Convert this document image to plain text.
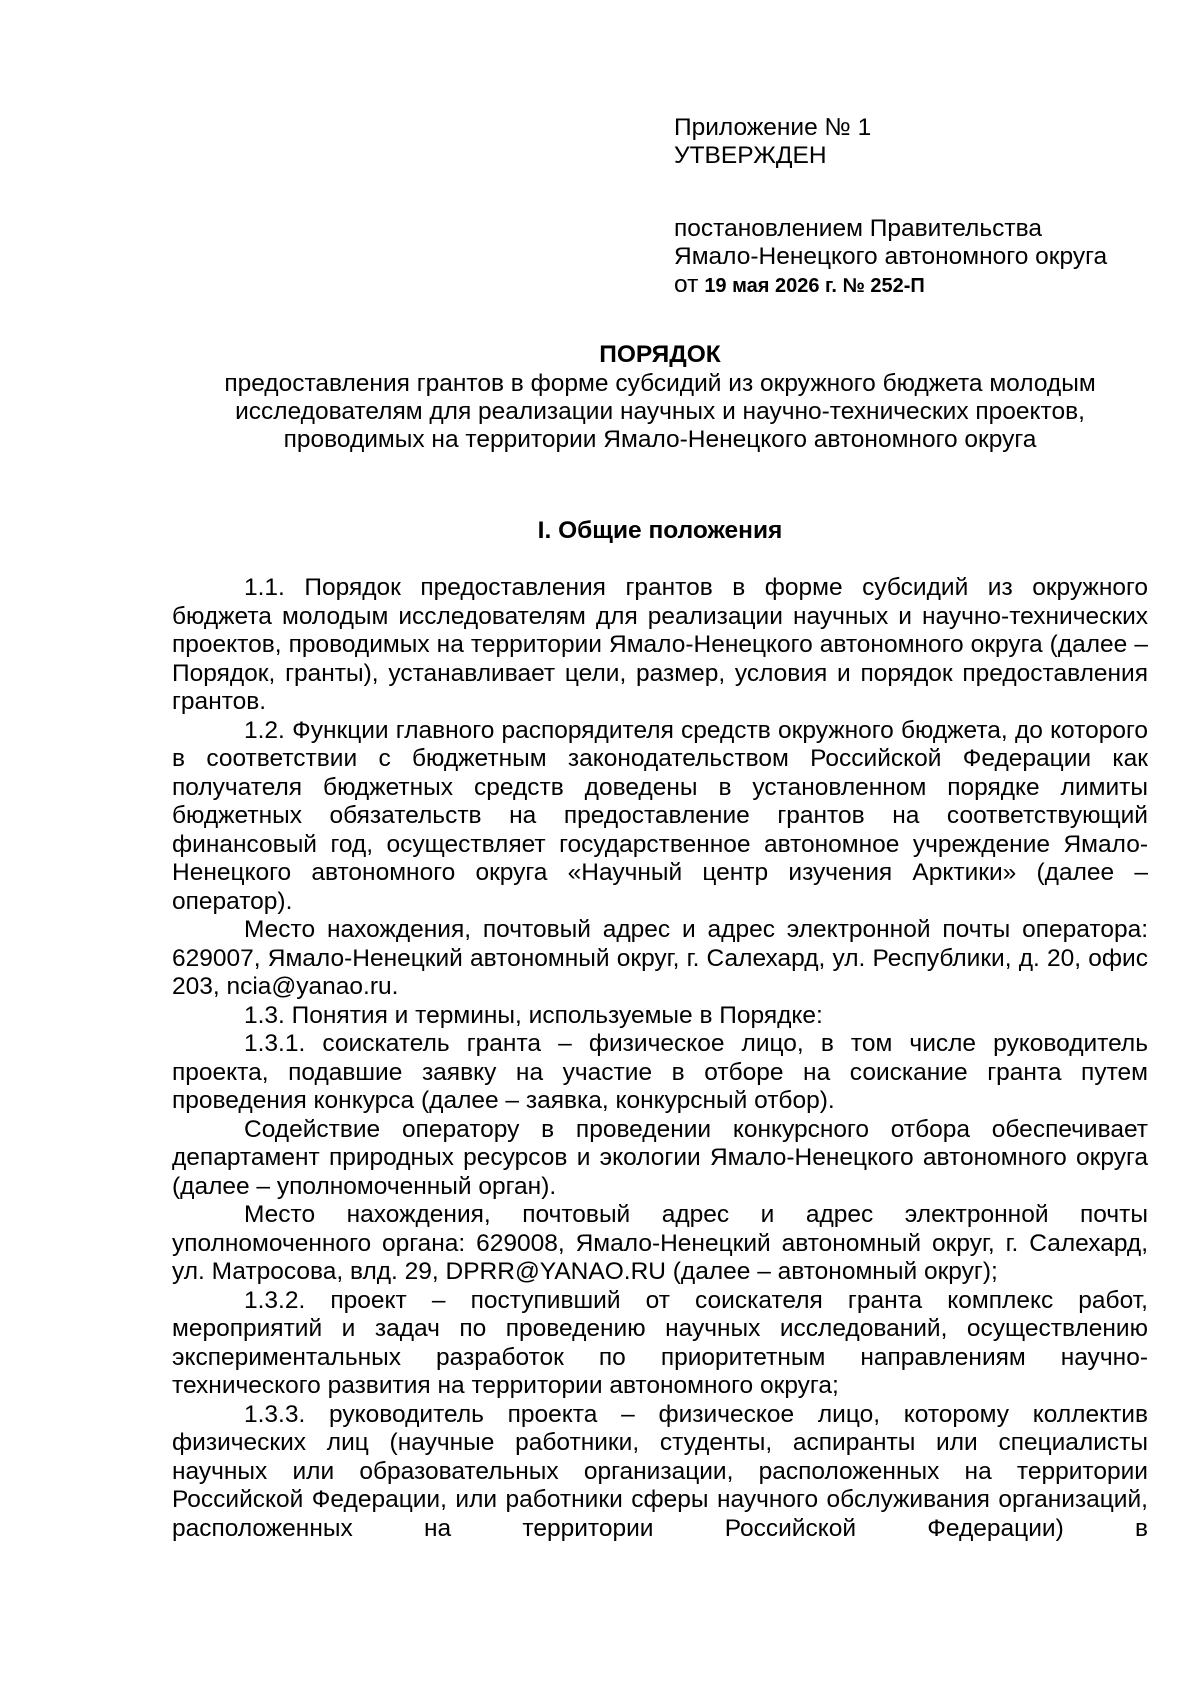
Приложение № 1
УТВЕРЖДЕН
постановлением Правительства
Ямало-Ненецкого автономного округа
от 19 мая 2026 г. № 252-П
ПОРЯДОК
предоставления грантов в форме субсидий из окружного бюджета молодым
исследователям для реализации научных и научно-технических проектов,
проводимых на территории Ямало-Ненецкого автономного округа
I. Общие положения

1.1. Порядок предоставления грантов в форме субсидий из окружного бюджета молодым исследователям для реализации научных и научно-технических проектов, проводимых на территории Ямало-Ненецкого автономного округа (далее – Порядок, гранты), устанавливает цели, размер, условия и порядок предоставления грантов.

1.2. Функции главного распорядителя средств окружного бюджета, до которого в соответствии с бюджетным законодательством Российской Федерации как получателя бюджетных средств доведены в установленном порядке лимиты бюджетных обязательств на предоставление грантов на соответствующий финансовый год, осуществляет государственное автономное учреждение Ямало-Ненецкого автономного округа «Научный центр изучения Арктики» (далее – оператор).

Место нахождения, почтовый адрес и адрес электронной почты оператора: 629007, Ямало-Ненецкий автономный округ, г. Салехард, ул. Республики, д. 20, офис 203, ncia@yanao.ru.

1.3. Понятия и термины, используемые в Порядке:

1.3.1. соискатель гранта – физическое лицо, в том числе руководитель проекта, подавшие заявку на участие в отборе на соискание гранта путем проведения конкурса (далее – заявка, конкурсный отбор).

Содействие оператору в проведении конкурсного отбора обеспечивает департамент природных ресурсов и экологии Ямало-Ненецкого автономного округа (далее – уполномоченный орган).

Место нахождения, почтовый адрес и адрес электронной почты уполномоченного органа: 629008, Ямало-Ненецкий автономный округ, г. Салехард, ул. Матросова, влд. 29, DPRR@YANAO.RU (далее – автономный округ);

1.3.2. проект – поступивший от соискателя гранта комплекс работ, мероприятий и задач по проведению научных исследований, осуществлению экспериментальных разработок по приоритетным направлениям научно-технического развития на территории автономного округа;

1.3.3. руководитель проекта – физическое лицо, которому коллектив физических лиц (научные работники, студенты, аспиранты или специалисты научных или образовательных организации, расположенных на территории Российской Федерации, или работники сферы научного обслуживания организаций, расположенных на территории Российской Федерации) в
